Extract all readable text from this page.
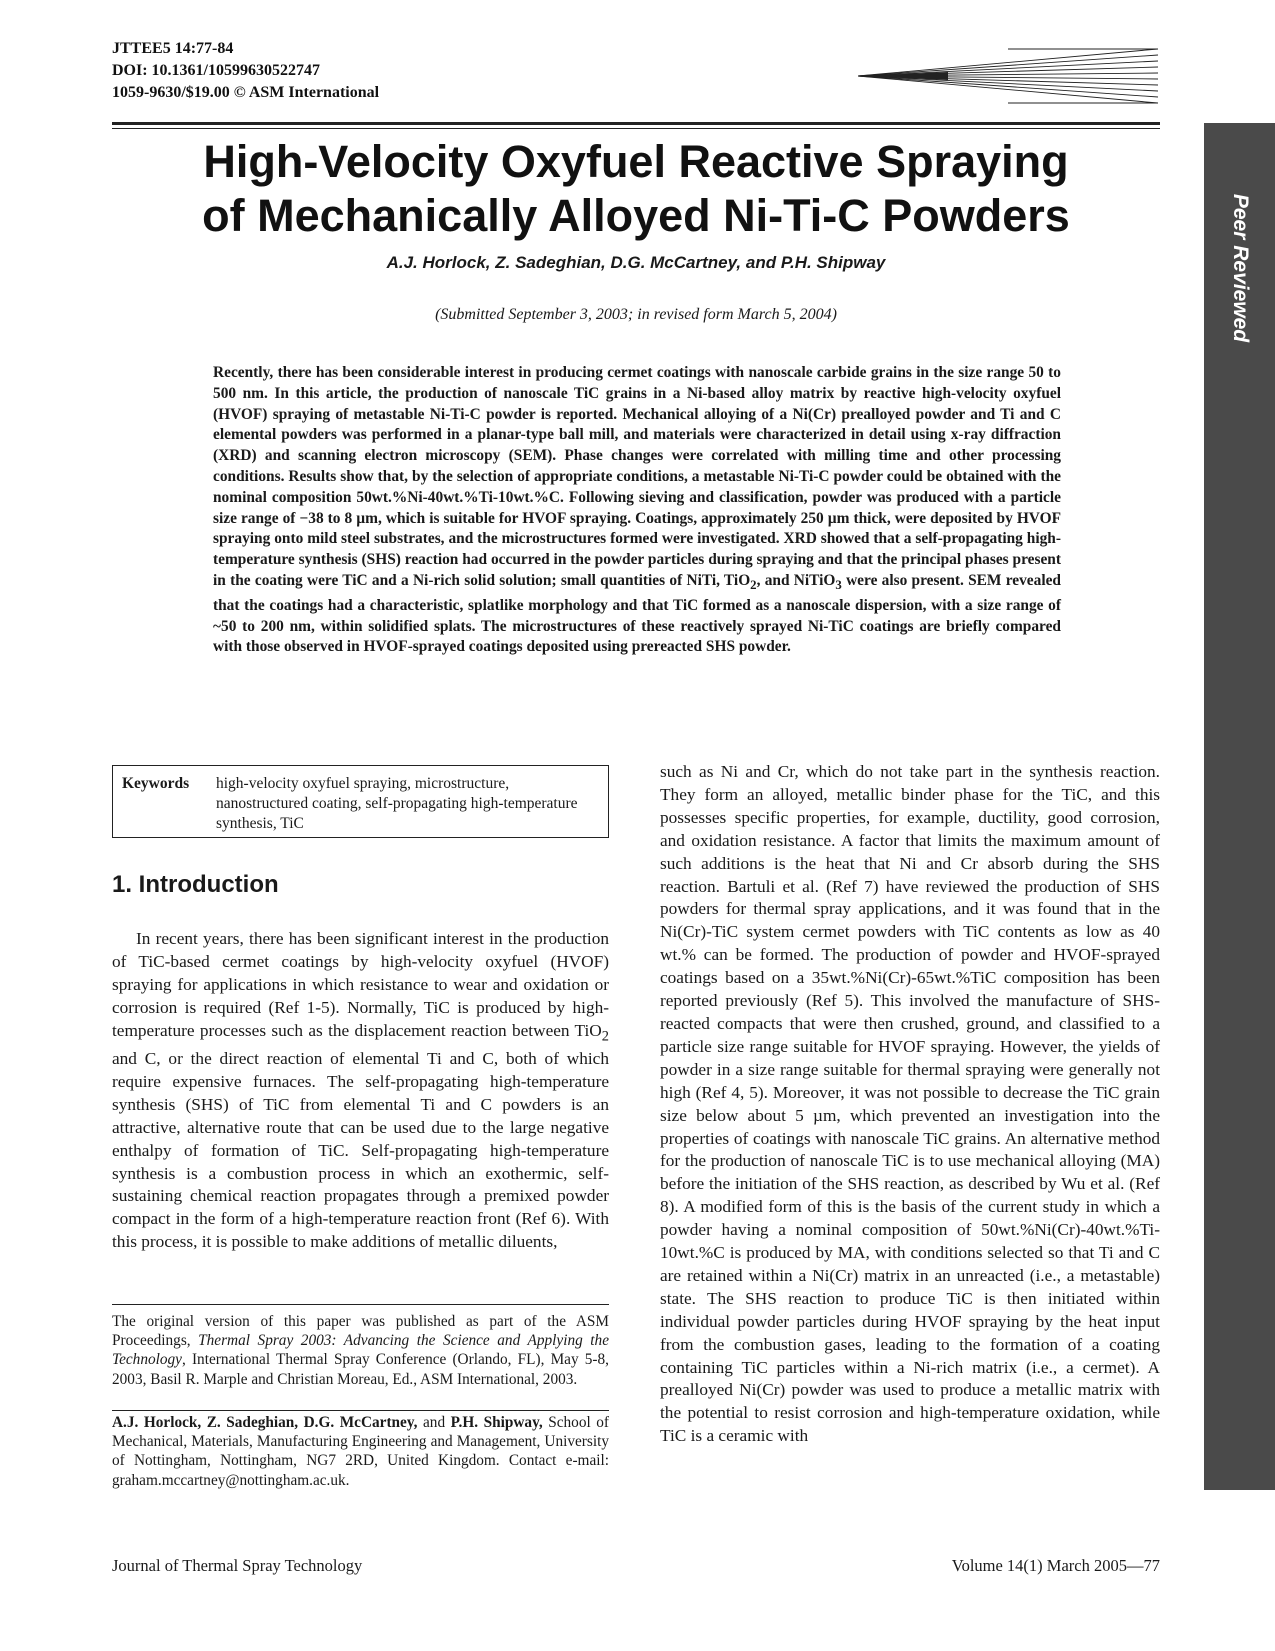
JTTEE5 14:77-84
DOI: 10.1361/10599630522747
1059-9630/$19.00 © ASM International
Peer Reviewed
High-Velocity Oxyfuel Reactive Spraying
of Mechanically Alloyed Ni-Ti-C Powders
A.J. Horlock, Z. Sadeghian, D.G. McCartney, and P.H. Shipway
(Submitted September 3, 2003; in revised form March 5, 2004)

Recently, there has been considerable interest in producing cermet coatings with nanoscale carbide grains in the size range 50 to 500 nm. In this article, the production of nanoscale TiC grains in a Ni-based alloy matrix by reactive high-velocity oxyfuel (HVOF) spraying of metastable Ni-Ti-C powder is reported. Mechanical alloying of a Ni(Cr) prealloyed powder and Ti and C elemental powders was performed in a planar-type ball mill, and materials were characterized in detail using x-ray diffraction (XRD) and scanning electron microscopy (SEM). Phase changes were correlated with milling time and other processing conditions. Results show that, by the selection of appropriate conditions, a metastable Ni-Ti-C powder could be obtained with the nominal composition 50wt.%Ni-40wt.%Ti-10wt.%C. Following sieving and classification, powder was produced with a particle size range of −38 to 8 µm, which is suitable for HVOF spraying. Coatings, approximately 250 µm thick, were deposited by HVOF spraying onto mild steel substrates, and the microstructures formed were investigated. XRD showed that a self-propagating high-temperature synthesis (SHS) reaction had occurred in the powder particles during spraying and that the principal phases present in the coating were TiC and a Ni-rich solid solution; small quantities of NiTi, TiO$_2$, and NiTiO$_3$ were also present. SEM revealed that the coatings had a characteristic, splatlike morphology and that TiC formed as a nanoscale dispersion, with a size range of ~50 to 200 nm, within solidified splats. The microstructures of these reactively sprayed Ni-TiC coatings are briefly compared with those observed in HVOF-sprayed coatings deposited using prereacted SHS powder.

Keywords high-velocity oxyfuel spraying, microstructure, nanostructured coating, self-propagating high-temperature synthesis, TiC
1. Introduction

In recent years, there has been significant interest in the production of TiC-based cermet coatings by high-velocity oxyfuel (HVOF) spraying for applications in which resistance to wear and oxidation or corrosion is required (Ref 1-5). Normally, TiC is produced by high-temperature processes such as the displacement reaction between TiO$_2$ and C, or the direct reaction of elemental Ti and C, both of which require expensive furnaces. The self-propagating high-temperature synthesis (SHS) of TiC from elemental Ti and C powders is an attractive, alternative route that can be used due to the large negative enthalpy of formation of TiC. Self-propagating high-temperature synthesis is a combustion process in which an exothermic, self-sustaining chemical reaction propagates through a premixed powder compact in the form of a high-temperature reaction front (Ref 6). With this process, it is possible to make additions of metallic diluents,

The original version of this paper was published as part of the ASM Proceedings, Thermal Spray 2003: Advancing the Science and Applying the Technology, International Thermal Spray Conference (Orlando, FL), May 5-8, 2003, Basil R. Marple and Christian Moreau, Ed., ASM International, 2003.

A.J. Horlock, Z. Sadeghian, D.G. McCartney, and P.H. Shipway, School of Mechanical, Materials, Manufacturing Engineering and Management, University of Nottingham, Nottingham, NG7 2RD, United Kingdom. Contact e-mail: graham.mccartney@nottingham.ac.uk.

such as Ni and Cr, which do not take part in the synthesis reaction. They form an alloyed, metallic binder phase for the TiC, and this possesses specific properties, for example, ductility, good corrosion, and oxidation resistance. A factor that limits the maximum amount of such additions is the heat that Ni and Cr absorb during the SHS reaction. Bartuli et al. (Ref 7) have reviewed the production of SHS powders for thermal spray applications, and it was found that in the Ni(Cr)-TiC system cermet powders with TiC contents as low as 40 wt.% can be formed. The production of powder and HVOF-sprayed coatings based on a 35wt.%Ni(Cr)-65wt.%TiC composition has been reported previously (Ref 5). This involved the manufacture of SHS-reacted compacts that were then crushed, ground, and classified to a particle size range suitable for HVOF spraying. However, the yields of powder in a size range suitable for thermal spraying were generally not high (Ref 4, 5). Moreover, it was not possible to decrease the TiC grain size below about 5 µm, which prevented an investigation into the properties of coatings with nanoscale TiC grains. An alternative method for the production of nanoscale TiC is to use mechanical alloying (MA) before the initiation of the SHS reaction, as described by Wu et al. (Ref 8). A modified form of this is the basis of the current study in which a powder having a nominal composition of 50wt.%Ni(Cr)-40wt.%Ti-10wt.%C is produced by MA, with conditions selected so that Ti and C are retained within a Ni(Cr) matrix in an unreacted (i.e., a metastable) state. The SHS reaction to produce TiC is then initiated within individual powder particles during HVOF spraying by the heat input from the combustion gases, leading to the formation of a coating containing TiC particles within a Ni-rich matrix (i.e., a cermet). A prealloyed Ni(Cr) powder was used to produce a metallic matrix with the potential to resist corrosion and high-temperature oxidation, while TiC is a ceramic with

Journal of Thermal Spray Technology	Volume 14(1) March 2005—77
